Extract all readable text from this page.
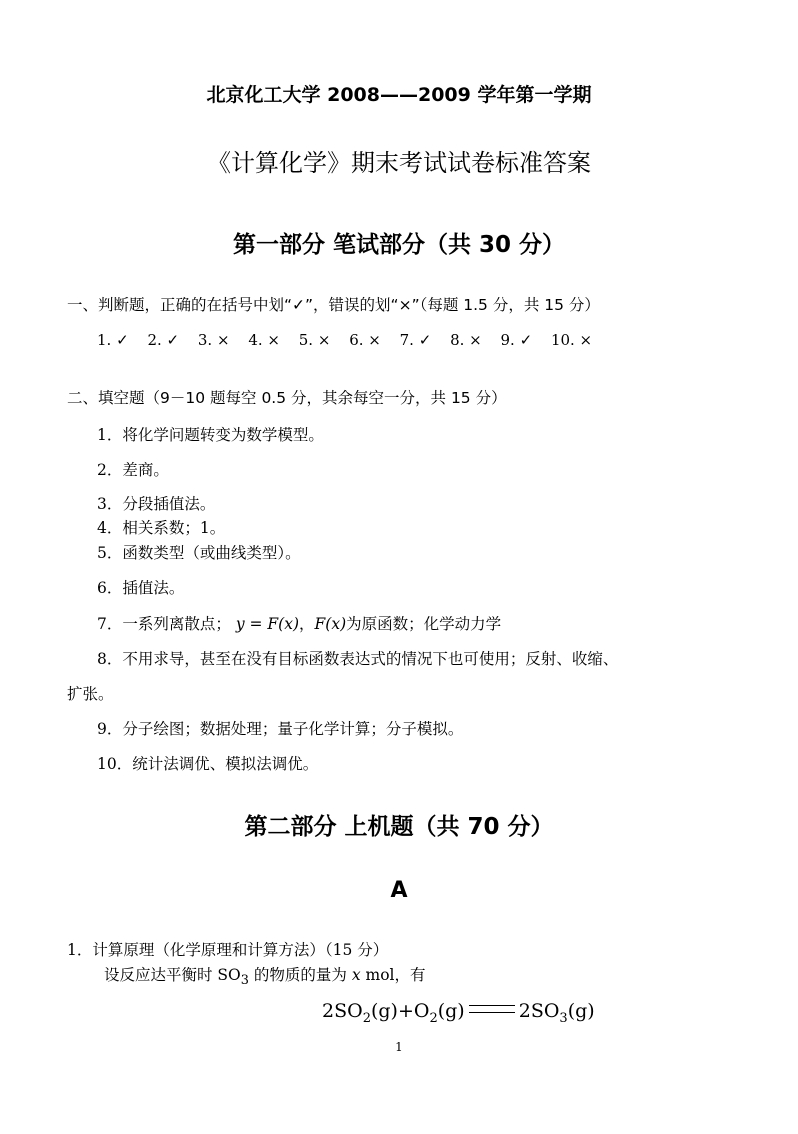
北京化工大学 2008——2009 学年第一学期
《计算化学》期末考试试卷标准答案
第一部分 笔试部分（共 30 分）
一、判断题，正确的在括号中划“✓”，错误的划“×”（每题 1.5 分，共 15 分）
1. ✓ 2. ✓ 3. × 4. × 5. × 6. × 7. ✓ 8. × 9. ✓ 10. ×
二、填空题（9－10 题每空 0.5 分，其余每空一分，共 15 分）
1．将化学问题转变为数学模型。
2．差商。
3．分段插值法。
4．相关系数；1。
5．函数类型（或曲线类型）。
6．插值法。
7．一系列离散点； y = F(x)，F(x)为原函数；化学动力学
8．不用求导，甚至在没有目标函数表达式的情况下也可使用；反射、收缩、
扩张。
9．分子绘图；数据处理；量子化学计算；分子模拟。
10．统计法调优、模拟法调优。
第二部分 上机题（共 70 分）
A
1．计算原理（化学原理和计算方法）（15 分）
设反应达平衡时 $SO_3$ 的物质的量为 x mol，有
$2SO_2(g)+O_2(g)$	$2SO_3(g)$
1
